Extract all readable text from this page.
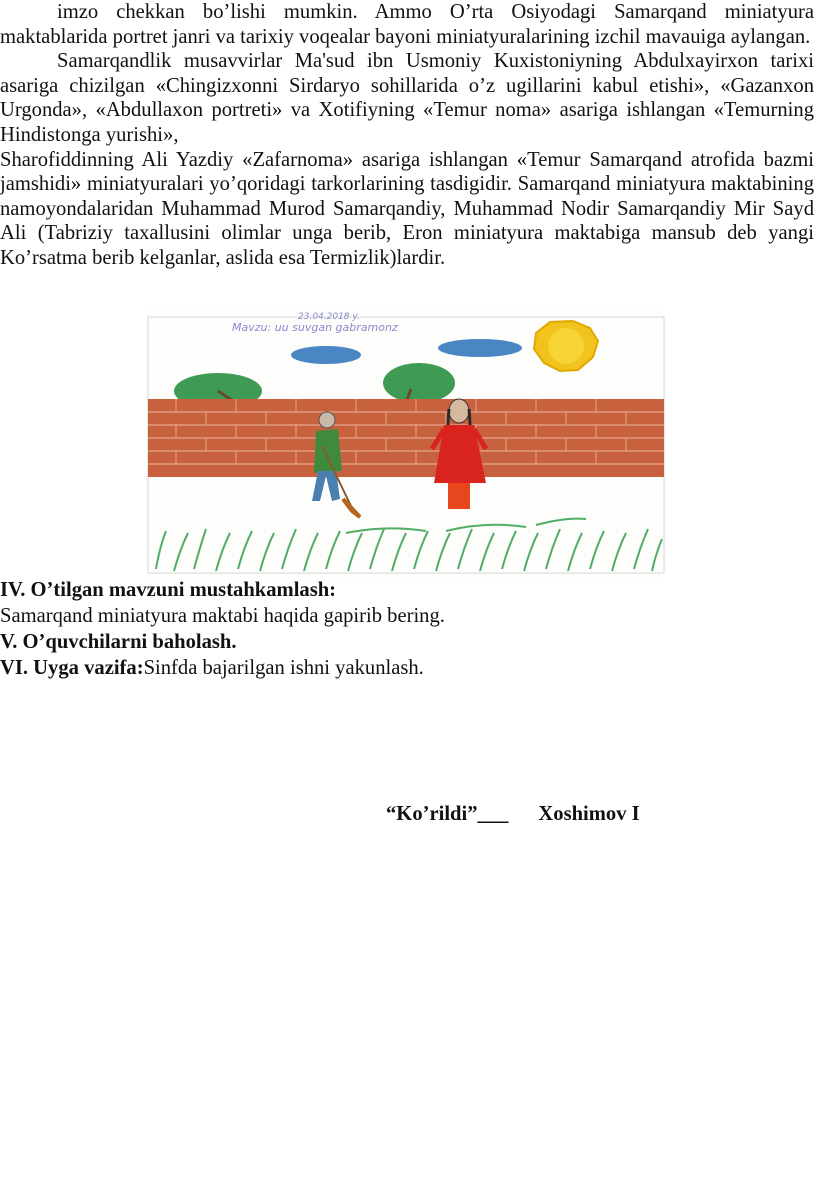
imzo chekkan bo’lishi mumkin. Ammo O’rta Osiyodagi Samarqand miniatyura maktablarida portret janri va tarixiy voqealar bayoni miniatyuralarining izchil mavauiga aylangan.

Samarqandlik musavvirlar Ma'sud ibn Usmoniy Kuxistoniyning Abdulxayirxon tarixi asariga chizilgan «Chingizxonni Sirdaryo sohillarida o’z ugillarini kabul etishi», «Gazanxon Urgonda», «Abdullaxon portreti» va Xotifiyning «Temur noma» asariga ishlangan «Temurning Hindistonga yurishi»,

Sharofiddinning Ali Yazdiy «Zafarnoma» asariga ishlangan «Temur Samarqand atrofida bazmi jamshidi» miniatyuralari yo’qoridagi tarkorlarining tasdigidir. Samarqand miniatyura maktabining namoyondalaridan Muhammad Murod Samarqandiy, Muhammad Nodir Samarqandiy Mir Sayd Ali (Tabriziy taxallusini olimlar unga berib, Eron miniatyura maktabiga mansub deb yangi Ko’rsatma berib kelganlar, aslida esa Termizlik)lardir.

23.04.2018 y.
Mavzu: uu suvgan gabramonz

IV. O’tilgan mavzuni mustahkamlash:

Samarqand miniatyura maktabi haqida gapirib bering.

V. O’quvchilarni baholash.

VI. Uyga vazifa:Sinfda bajarilgan ishni yakunlash.

“Ko’rildi”___ Xoshimov I
